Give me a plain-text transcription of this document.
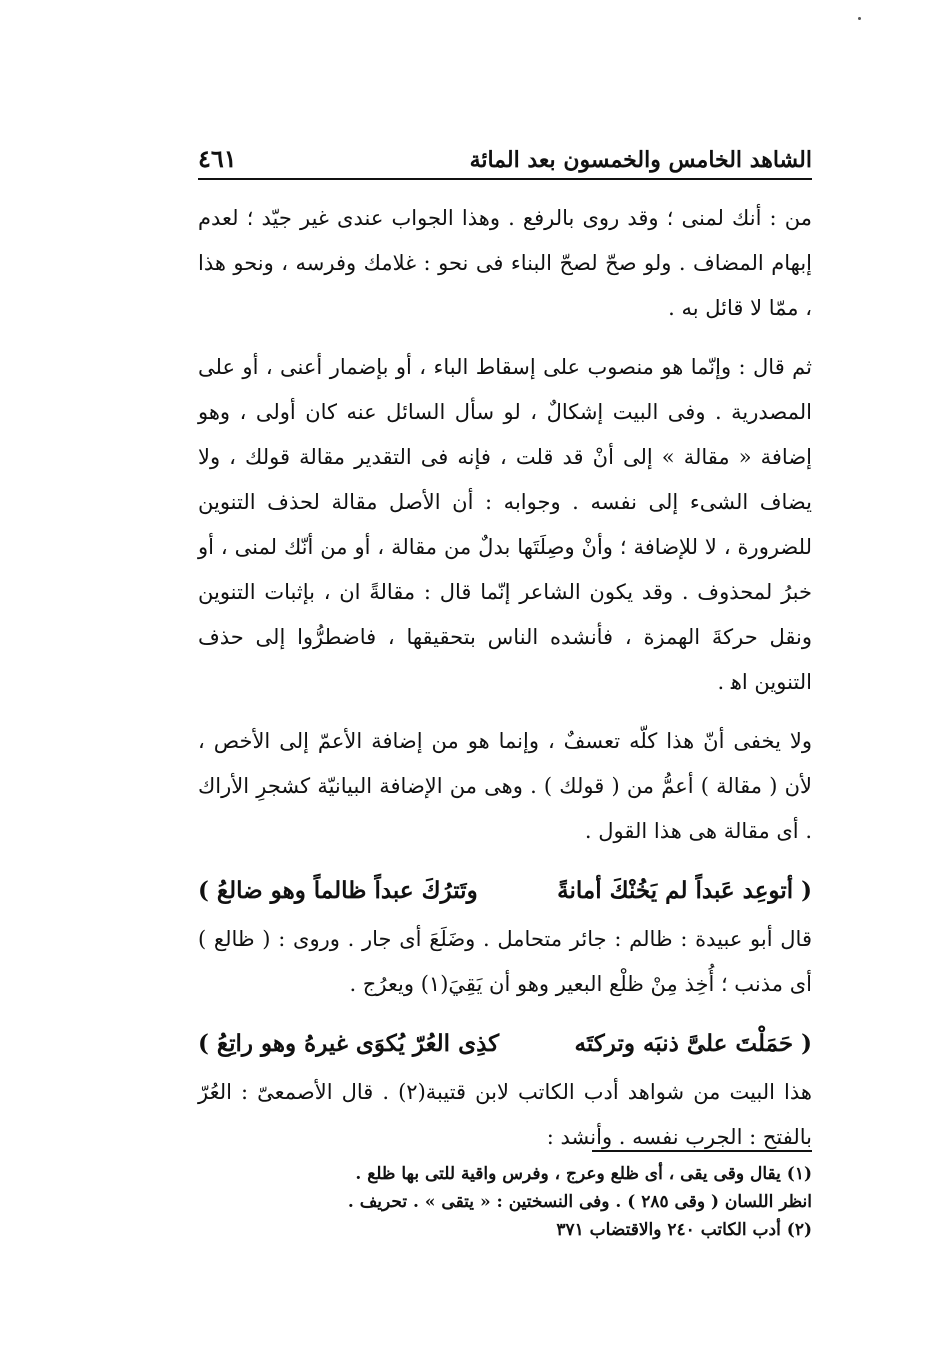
الشاهد الخامس والخمسون بعد المائة
٤٦١

من : أنك لمنى ؛ وقد روى بالرفع . وهذا الجواب عندى غير جيّد ؛ لعدم إبهام المضاف . ولو صحّ لصحّ البناء فى نحو : غلامك وفرسه ، ونحو هذا ، ممّا لا قائل به .

ثم قال : وإنّما هو منصوب على إسقاط الباء ، أو بإضمار أعنى ، أو على المصدرية . وفى البيت إشكالٌ ، لو سأل السائل عنه كان أولى ، وهو إضافة « مقالة » إلى أنْ قد قلت ، فإنه فى التقدير مقالة قولك ، ولا يضاف الشىء إلى نفسه . وجوابه : أن الأصل مقالة لحذف التنوين للضرورة ، لا للإضافة ؛ وأنْ وصِلَتَها بدلٌ من مقالة ، أو من أنّك لمنى ، أو خبرُ لمحذوف . وقد يكون الشاعر إنّما قال : مقالةً ان ، بإثبات التنوين ونقل حركةَ الهمزة ، فأنشده الناس بتحقيقها ، فاضطرُّوا إلى حذف التنوين اﻫ .

ولا يخفى أنّ هذا كلّه تعسفٌ ، وإنما هو من إضافة الأعمّ إلى الأخص ، لأن ( مقالة ) أعمُّ من ( قولك ) . وهى من الإضافة البيانيّة كشجرِ الأراك . أى مقالة هى هذا القول .

( أتوعِد عَبداً لم يَخُنْكَ أمانةً
وتَترُكَ عبداً ظالماً وهو ضالعُ )

قال أبو عبيدة : ظالم : جائر متحامل . وضَلَعَ أى جار . وروى : ( ظالع ) أى مذنب ؛ أُخِذ مِنْ ظلْع البعير وهو أن يَقِيَ(١) ويعرُج .

( حَمَلْتَ علىَّ ذنبَه وتركتَه
كذِى العُرّ يُكوَى غيرهُ وهو راتِعُ )

هذا البيت من شواهد أدب الكاتب لابن قتيبة(٢) . قال الأصمعىّ : العُرّ بالفتح : الجرب نفسه . وأنشد :

(١) يقال وقى يقى ، أى ظلع وعرج ، وفرس واقية للتى بها ظلع .

انظر اللسان ( وقى ٢٨٥ ) . وفى النسختين : « يتقى » . تحريف .

(٢) أدب الكاتب ٢٤٠ والاقتضاب ٣٧١
